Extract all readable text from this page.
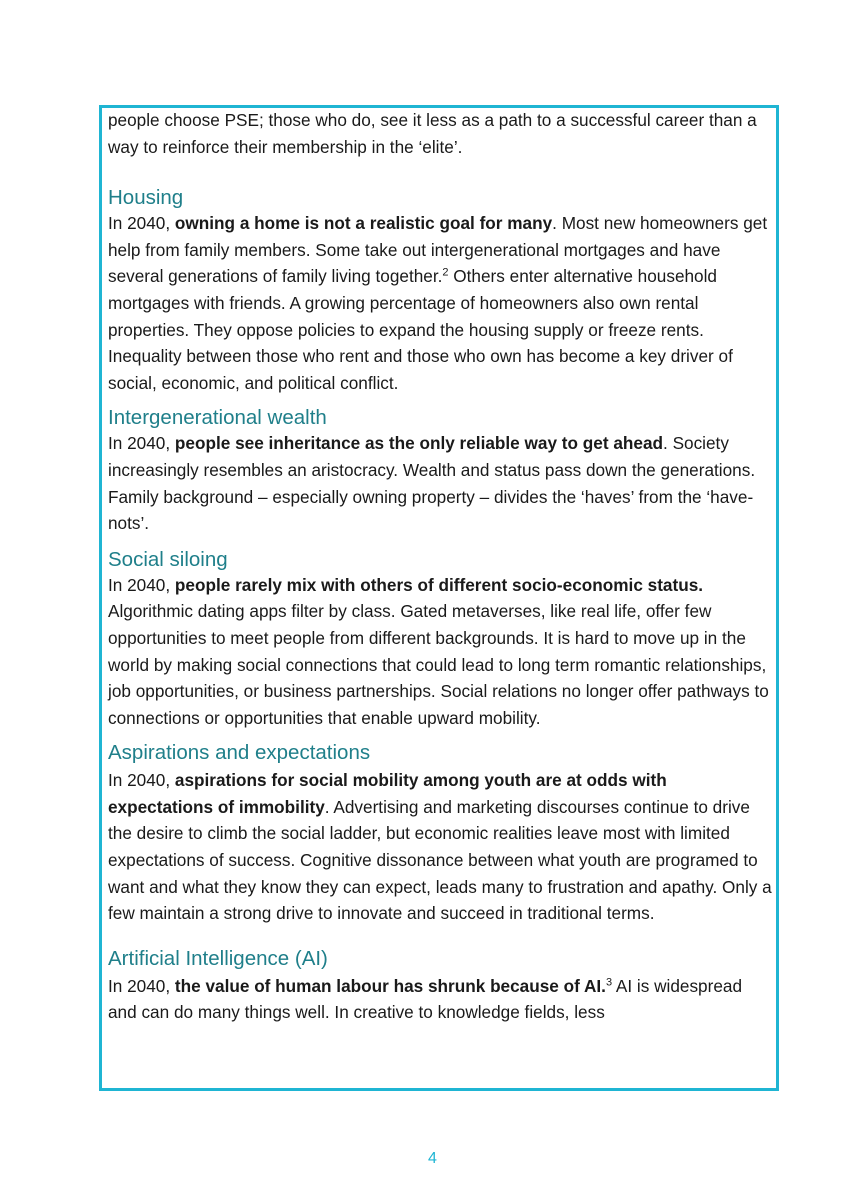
people choose PSE; those who do, see it less as a path to a successful career than a way to reinforce their membership in the ‘elite’.

Housing

In 2040, owning a home is not a realistic goal for many. Most new homeowners get help from family members. Some take out intergenerational mortgages and have several generations of family living together.$^2$ Others enter alternative household mortgages with friends. A growing percentage of homeowners also own rental properties. They oppose policies to expand the housing supply or freeze rents. Inequality between those who rent and those who own has become a key driver of social, economic, and political conflict.

Intergenerational wealth

In 2040, people see inheritance as the only reliable way to get ahead. Society increasingly resembles an aristocracy. Wealth and status pass down the generations. Family background – especially owning property – divides the ‘haves’ from the ‘have-nots’.

Social siloing

In 2040, people rarely mix with others of different socio-economic status. Algorithmic dating apps filter by class. Gated metaverses, like real life, offer few opportunities to meet people from different backgrounds. It is hard to move up in the world by making social connections that could lead to long term romantic relationships, job opportunities, or business partnerships. Social relations no longer offer pathways to connections or opportunities that enable upward mobility.

Aspirations and expectations

In 2040, aspirations for social mobility among youth are at odds with expectations of immobility. Advertising and marketing discourses continue to drive the desire to climb the social ladder, but economic realities leave most with limited expectations of success. Cognitive dissonance between what youth are programed to want and what they know they can expect, leads many to frustration and apathy. Only a few maintain a strong drive to innovate and succeed in traditional terms.

Artificial Intelligence (AI)

In 2040, the value of human labour has shrunk because of AI.$^3$ AI is widespread and can do many things well. In creative to knowledge fields, less

4
